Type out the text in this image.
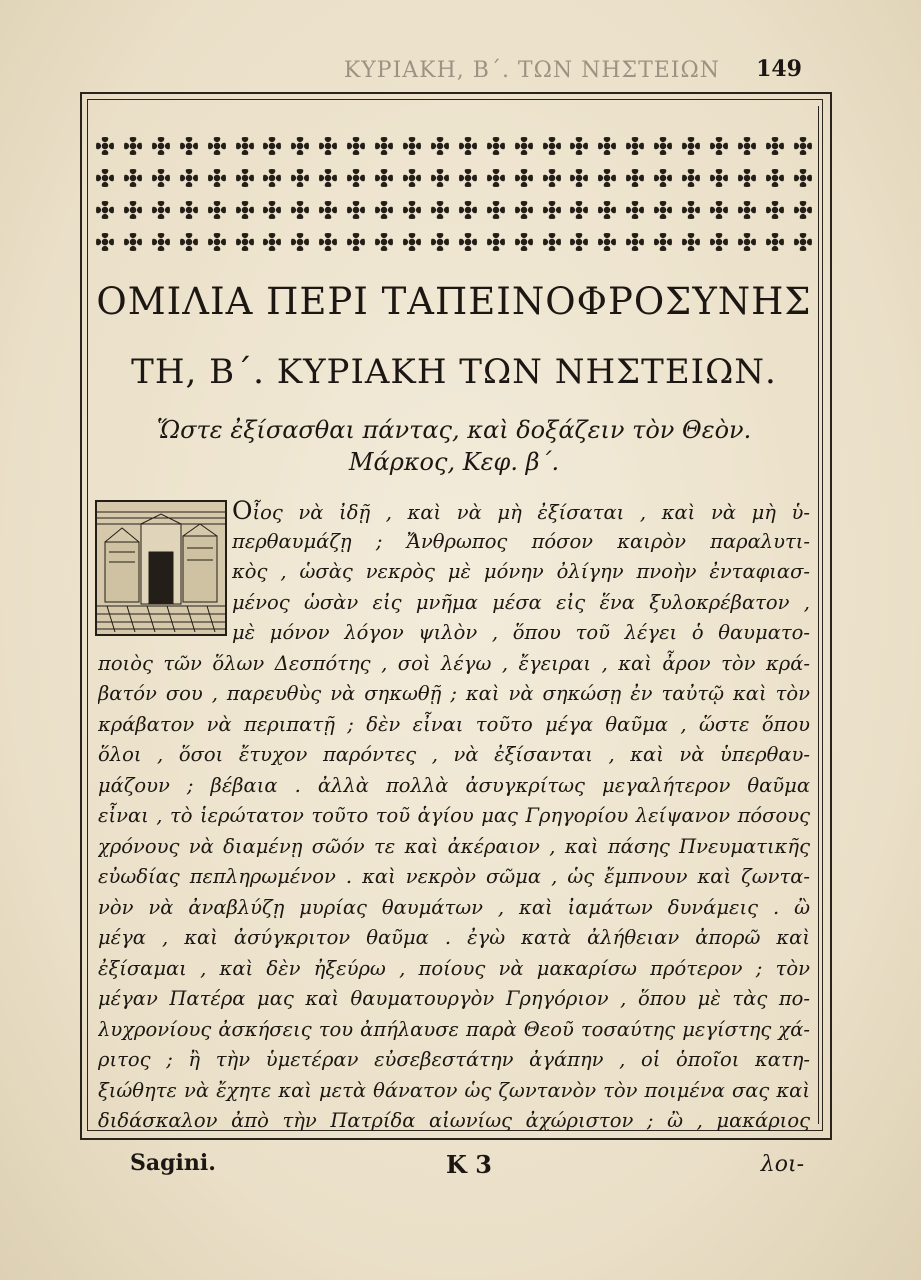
ΚΥΡΙΑΚΗ, Β΄. ΤΩΝ ΝΗΣΤΕΙΩΝ 149
ΟΜΙΛΙΑ ΠΕΡΙ ΤΑΠΕΙΝΟΦΡΟΣΥΝΗΣ
ΤΗ, Β΄. ΚΥΡΙΑΚΗ ΤΩΝ ΝΗΣΤΕΙΩΝ.
Ὥστε ἐξίσασθαι πάντας, καὶ δοξάζειν τὸν Θεὸν.
Μάρκος, Κεφ. β΄.
Οἶος νὰ ἰδῇ , καὶ νὰ μὴ ἐξίσαται , καὶ νὰ μὴ ὑ-
περθαυμάζῃ ; Ἄνθρωπος πόσον καιρὸν παραλυτι-
κὸς , ὡσὰς νεκρὸς μὲ μόνην ὀλίγην πνοὴν ἐνταφιασ-
μένος ὡσὰν εἰς μνῆμα μέσα εἰς ἕνα ξυλοκρέβατον ,
μὲ μόνον λόγον ψιλὸν , ὅπου τοῦ λέγει ὁ θαυματο-
ποιὸς τῶν ὅλων Δεσπότης , σοὶ λέγω , ἔγειραι , καὶ ἆρον τὸν κρά-
βατόν σου , παρευθὺς νὰ σηκωθῇ ; καὶ νὰ σηκώσῃ ἐν ταὐτῷ καὶ τὸν
κράβατον νὰ περιπατῇ ; δὲν εἶναι τοῦτο μέγα θαῦμα , ὥστε ὅπου
ὅλοι , ὅσοι ἔτυχον παρόντες , νὰ ἐξίσανται , καὶ νὰ ὑπερθαυ-
μάζουν ; βέβαια . ἀλλὰ πολλὰ ἀσυγκρίτως μεγαλήτερον θαῦμα
εἶναι , τὸ ἱερώτατον τοῦτο τοῦ ἁγίου μας Γρηγορίου λείψανον πόσους
χρόνους νὰ διαμένῃ σῶόν τε καὶ ἀκέραιον , καὶ πάσης Πνευματικῆς
εὐωδίας πεπληρωμένον . καὶ νεκρὸν σῶμα , ὡς ἔμπνουν καὶ ζωντα-
νὸν νὰ ἀναβλύζῃ μυρίας θαυμάτων , καὶ ἰαμάτων δυνάμεις . ὢ
μέγα , καὶ ἀσύγκριτον θαῦμα . ἐγὼ κατὰ ἀλήθειαν ἀπορῶ καὶ
ἐξίσαμαι , καὶ δὲν ἠξεύρω , ποίους νὰ μακαρίσω πρότερον ; τὸν
μέγαν Πατέρα μας καὶ θαυματουργὸν Γρηγόριον , ὅπου μὲ τὰς πο-
λυχρονίους ἀσκήσεις του ἀπήλαυσε παρὰ Θεοῦ τοσαύτης μεγίστης χά-
ριτος ; ἢ τὴν ὑμετέραν εὐσεβεστάτην ἀγάπην , οἱ ὁποῖοι κατη-
ξιώθητε νὰ ἔχητε καὶ μετὰ θάνατον ὡς ζωντανὸν τὸν ποιμένα σας καὶ
διδάσκαλον ἀπὸ τὴν Πατρίδα αἰωνίως ἀχώριστον ; ὢ , μακάριος
Sagini.	K 3	λοι-
